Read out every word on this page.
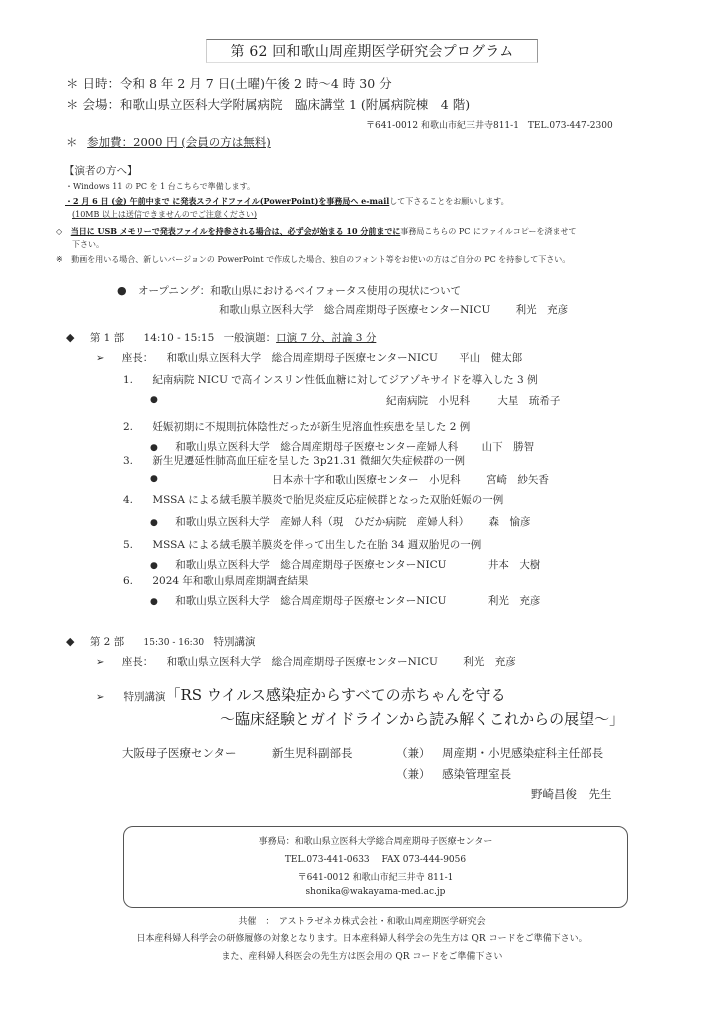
第 62 回和歌山周産期医学研究会プログラム
＊ 日時：令和 8 年 2 月 7 日(土曜)午後 2 時～4 時 30 分
＊ 会場：和歌山県立医科大学附属病院　臨床講堂 1 (附属病院棟　4 階)
〒641-0012 和歌山市紀三井寺811-1　TEL.073-447-2300
＊ 参加費：2000 円 (会員の方は無料)
【演者の方へ】
・Windows 11 の PC を 1 台こちらで準備します。
・2 月 6 日 (金) 午前中まで に発表スライドファイル(PowerPoint)を事務局へ e-mailして下さることをお願いします。
(10MB 以上は送信できませんのでご注意ください)
◇ 当日に USB メモリーで発表ファイルを持参される場合は、必ず会が始まる 10 分前までに事務局こちらの PC にファイルコピーを済ませて
下さい。
※ 動画を用いる場合、新しいバージョンの PowerPoint で作成した場合、独自のフォント等をお使いの方はご自分の PC を持参して下さい。
● オープニング：和歌山県におけるベイフォータス使用の現状について
和歌山県立医科大学　総合周産期母子医療センターNICU 利光　充彦
◆ 第 1 部 14:10 - 15:15 一般演題：口演 7 分、討論 3 分
➢ 座長： 和歌山県立医科大学　総合周産期母子医療センターNICU 平山　健太郎
1. 紀南病院 NICU で高インスリン性低血糖に対してジアゾキサイドを導入した 3 例
●	紀南病院　小児科	大星　琉希子
2. 妊娠初期に不規則抗体陰性だったが新生児溶血性疾患を呈した 2 例
● 和歌山県立医科大学　総合周産期母子医療センター産婦人科 山下　勝智
3. 新生児遷延性肺高血圧症を呈した 3p21.31 微細欠失症候群の一例
●	日本赤十字和歌山医療センター　小児科 宮崎　紗矢香
4. MSSA による絨毛膜羊膜炎で胎児炎症反応症候群となった双胎妊娠の一例
● 和歌山県立医科大学　産婦人科（現　ひだか病院　産婦人科） 森　愉彦
5. MSSA による絨毛膜羊膜炎を伴って出生した在胎 34 週双胎児の一例
● 和歌山県立医科大学　総合周産期母子医療センターNICU	井本　大樹
6. 2024 年和歌山県周産期調査結果
● 和歌山県立医科大学　総合周産期母子医療センターNICU	利光　充彦
◆ 第 2 部 15:30 - 16:30 特別講演
➢ 座長： 和歌山県立医科大学　総合周産期母子医療センターNICU 利光　充彦
➢ 特別講演「RS ウイルス感染症からすべての赤ちゃんを守る
～臨床経験とガイドラインから読み解くこれからの展望～」
大阪母子医療センター	新生児科副部長	（兼） 周産期・小児感染症科主任部長
（兼） 感染管理室長
野崎昌俊　先生
事務局：和歌山県立医科大学総合周産期母子医療センター
TEL.073-441-0633　 FAX 073-444-9056
〒641-0012 和歌山市紀三井寺 811-1
shonika@wakayama-med.ac.jp
共催　：　アストラゼネカ株式会社・和歌山周産期医学研究会
日本産科婦人科学会の研修履修の対象となります。日本産科婦人科学会の先生方は QR コードをご準備下さい。
また、産科婦人科医会の先生方は医会用の QR コードをご準備下さい
